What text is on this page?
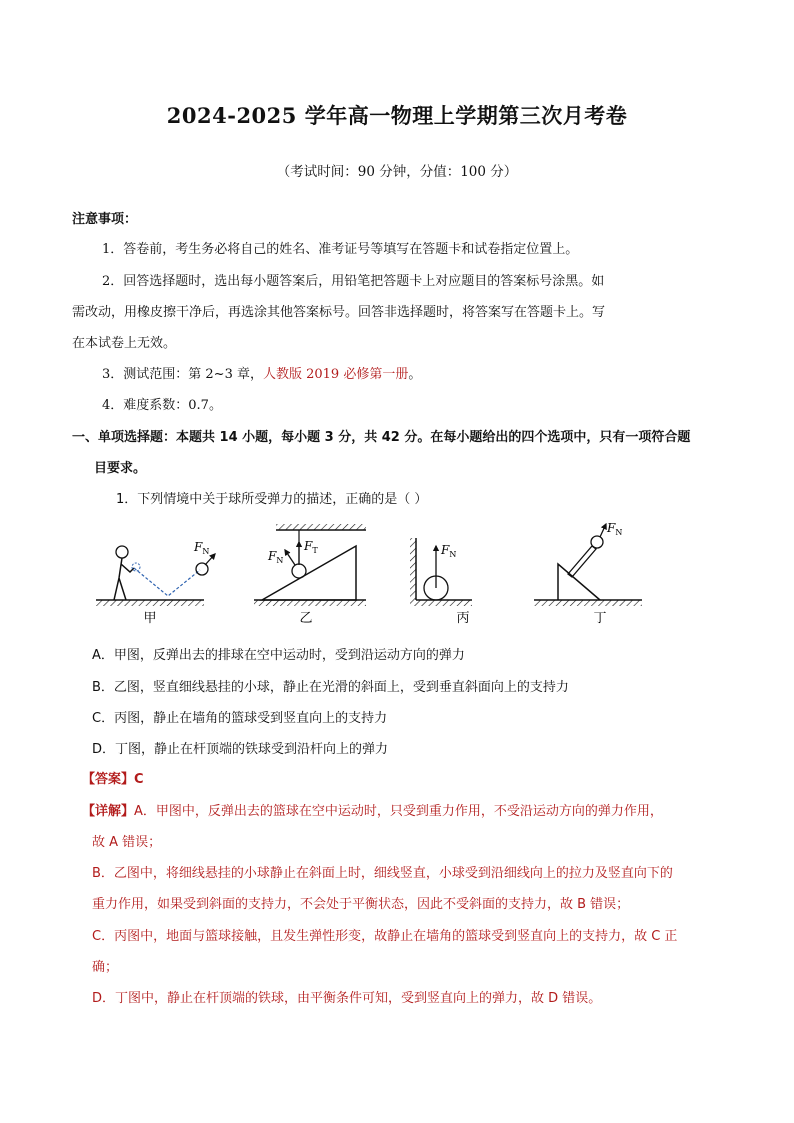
2024-2025 学年高一物理上学期第三次月考卷
（考试时间：90 分钟，分值：100 分）
注意事项：
1．答卷前，考生务必将自己的姓名、准考证号等填写在答题卡和试卷指定位置上。
2．回答选择题时，选出每小题答案后，用铅笔把答题卡上对应题目的答案标号涂黑。如
需改动，用橡皮擦干净后，再选涂其他答案标号。回答非选择题时，将答案写在答题卡上。写
在本试卷上无效。
3．测试范围：第 2~3 章，人教版 2019 必修第一册。
4．难度系数：0.7。
一、单项选择题：本题共 14 小题，每小题 3 分，共 42 分。在每小题给出的四个选项中，只有一项符合题
目要求。
1．下列情境中关于球所受弹力的描述，正确的是（ ）
$F_N$
甲
$F_N$
$F_T$
乙
$F_N$
丙
$F_N$
丁
A．甲图，反弹出去的排球在空中运动时，受到沿运动方向的弹力
B．乙图，竖直细线悬挂的小球，静止在光滑的斜面上，受到垂直斜面向上的支持力
C．丙图，静止在墙角的篮球受到竖直向上的支持力
D．丁图，静止在杆顶端的铁球受到沿杆向上的弹力
【答案】C
【详解】A．甲图中，反弹出去的篮球在空中运动时，只受到重力作用，不受沿运动方向的弹力作用，
故 A 错误；
B．乙图中，将细线悬挂的小球静止在斜面上时，细线竖直，小球受到沿细线向上的拉力及竖直向下的
重力作用，如果受到斜面的支持力，不会处于平衡状态，因此不受斜面的支持力，故 B 错误；
C．丙图中，地面与篮球接触，且发生弹性形变，故静止在墙角的篮球受到竖直向上的支持力，故 C 正
确；
D．丁图中，静止在杆顶端的铁球，由平衡条件可知，受到竖直向上的弹力，故 D 错误。
